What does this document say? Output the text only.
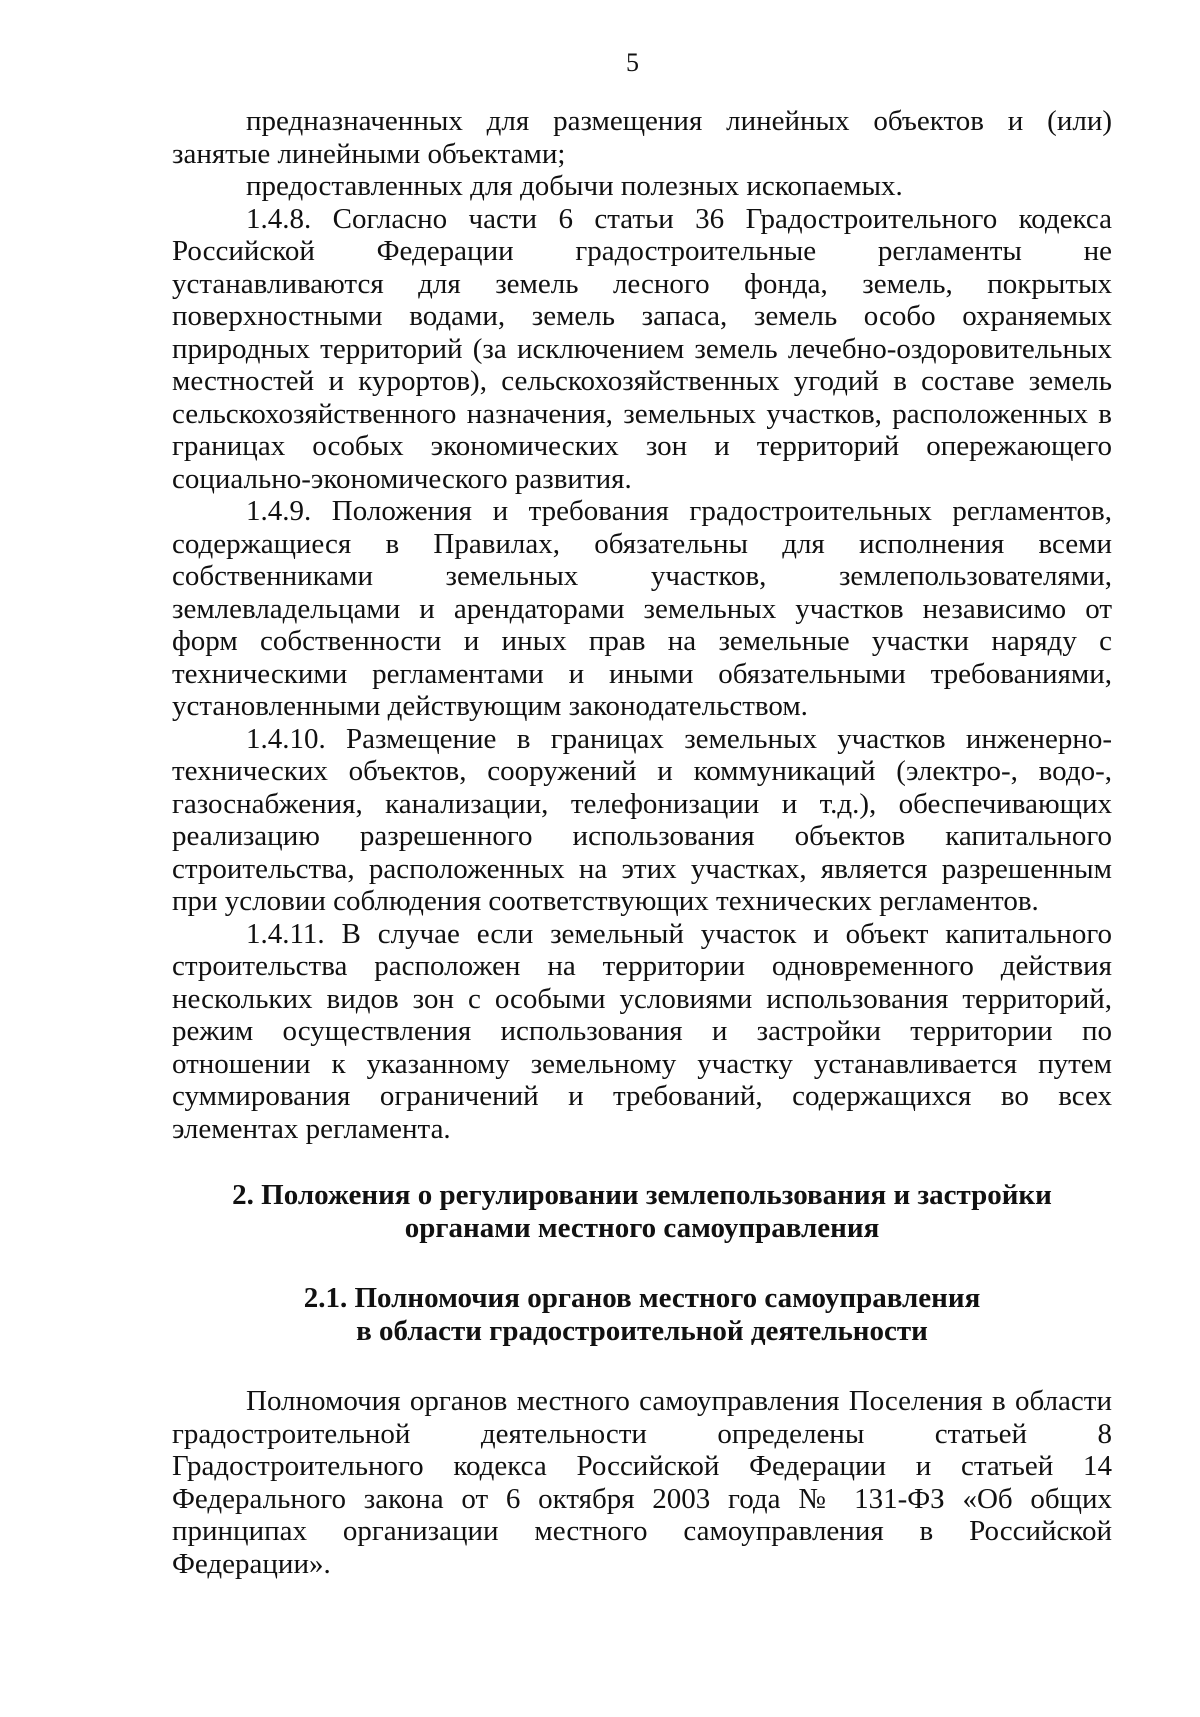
5

предназначенных для размещения линейных объектов и (или) занятые линейными объектами;

предоставленных для добычи полезных ископаемых.

1.4.8. Согласно части 6 статьи 36 Градостроительного кодекса Российской Федерации градостроительные регламенты не устанавливаются для земель лесного фонда, земель, покрытых поверхностными водами, земель запаса, земель особо охраняемых природных территорий (за исключением земель лечебно-оздоровительных местностей и курортов), сельскохозяйственных угодий в составе земель сельскохозяйственного назначения, земельных участков, расположенных в границах особых экономических зон и территорий опережающего социально-экономического развития.

1.4.9. Положения и требования градостроительных регламентов, содержащиеся в Правилах, обязательны для исполнения всеми собственниками земельных участков, землепользователями, землевладельцами и арендаторами земельных участков независимо от форм собственности и иных прав на земельные участки наряду с техническими регламентами и иными обязательными требованиями, установленными действующим законодательством.

1.4.10. Размещение в границах земельных участков инженерно-технических объектов, сооружений и коммуникаций (электро-, водо-, газоснабжения, канализации, телефонизации и т.д.), обеспечивающих реализацию разрешенного использования объектов капитального строительства, расположенных на этих участках, является разрешенным при условии соблюдения соответствующих технических регламентов.

1.4.11. В случае если земельный участок и объект капитального строительства расположен на территории одновременного действия нескольких видов зон с особыми условиями использования территорий, режим осуществления использования и застройки территории по отношении к указанному земельному участку устанавливается путем суммирования ограничений и требований, содержащихся во всех элементах регламента.

2. Положения о регулировании землепользования и застройки
органами местного самоуправления
2.1. Полномочия органов местного самоуправления
в области градостроительной деятельности

Полномочия органов местного самоуправления Поселения в области градостроительной деятельности определены статьей 8 Градостроительного кодекса Российской Федерации и статьей 14 Федерального закона от 6 октября 2003 года № 131-ФЗ «Об общих принципах организации местного самоуправления в Российской Федерации».
